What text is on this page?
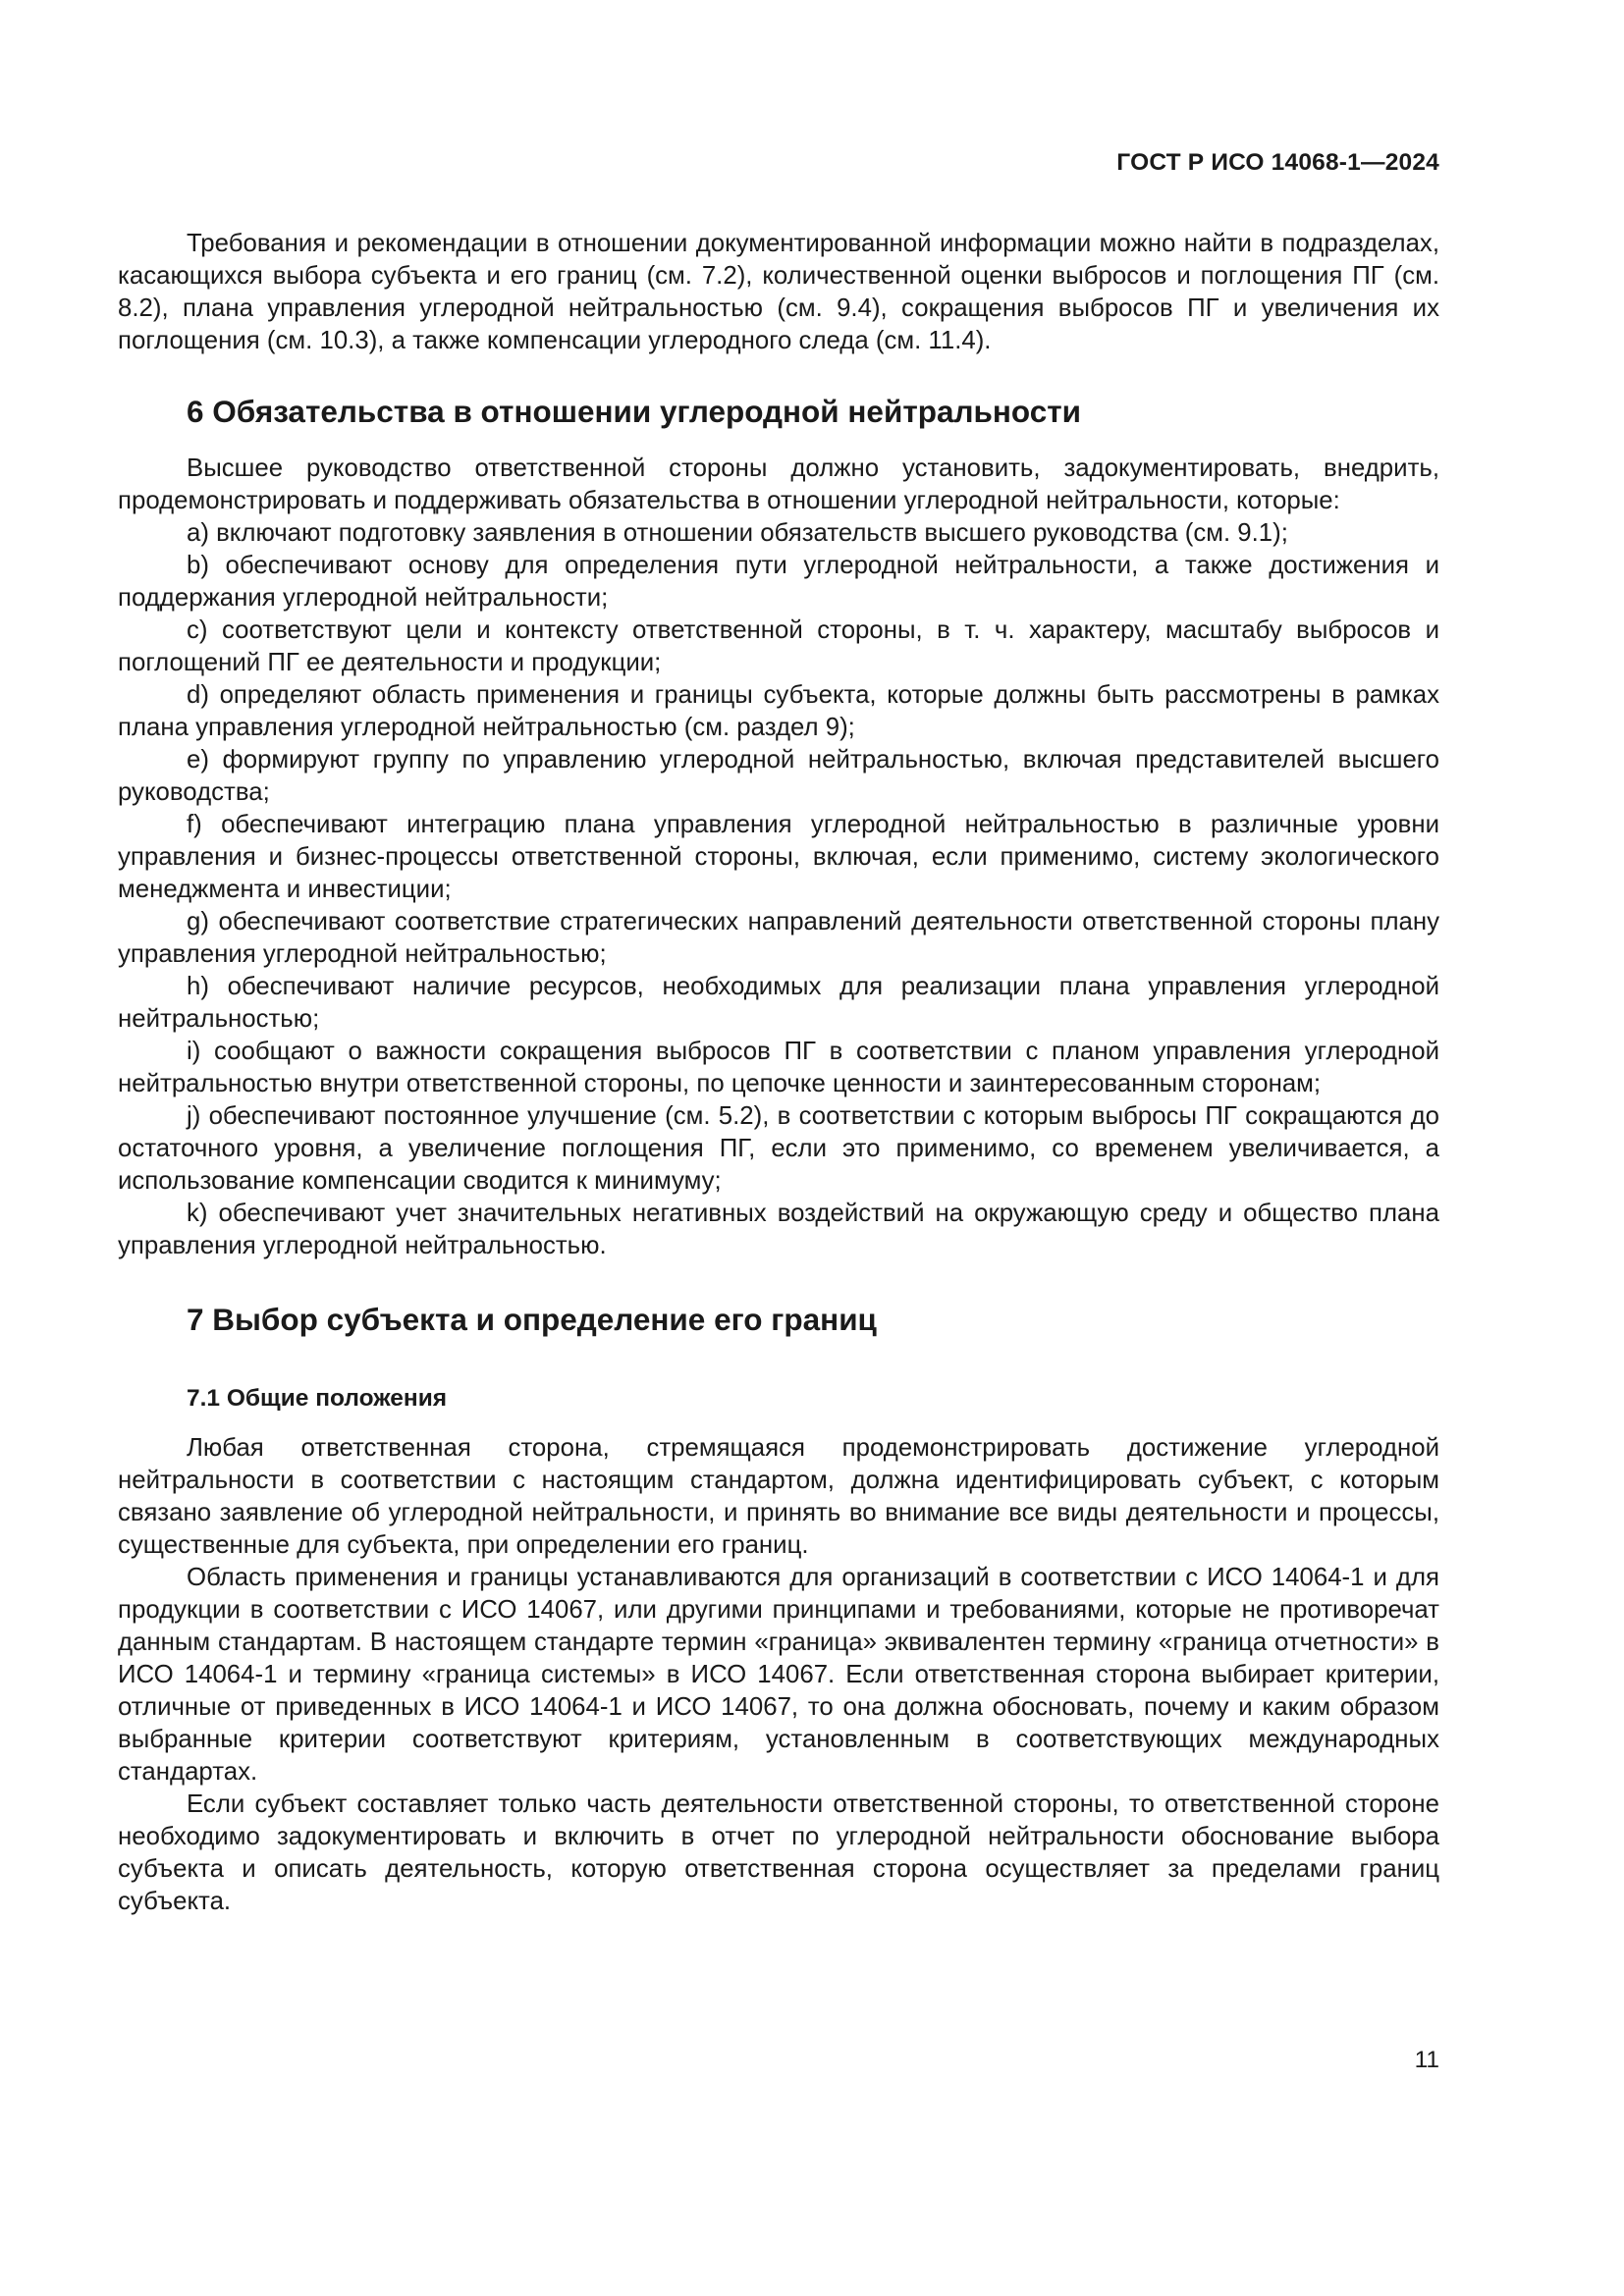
ГОСТ Р ИСО 14068-1—2024

Требования и рекомендации в отношении документированной информации можно найти в подразделах, касающихся выбора субъекта и его границ (см. 7.2), количественной оценки выбросов и поглощения ПГ (см. 8.2), плана управления углеродной нейтральностью (см. 9.4), сокращения выбросов ПГ и увеличения их поглощения (см. 10.3), а также компенсации углеродного следа (см. 11.4).

6 Обязательства в отношении углеродной нейтральности

Высшее руководство ответственной стороны должно установить, задокументировать, внедрить, продемонстрировать и поддерживать обязательства в отношении углеродной нейтральности, которые:

a) включают подготовку заявления в отношении обязательств высшего руководства (см. 9.1);

b) обеспечивают основу для определения пути углеродной нейтральности, а также достижения и поддержания углеродной нейтральности;

c) соответствуют цели и контексту ответственной стороны, в т. ч. характеру, масштабу выбросов и поглощений ПГ ее деятельности и продукции;

d) определяют область применения и границы субъекта, которые должны быть рассмотрены в рамках плана управления углеродной нейтральностью (см. раздел 9);

e) формируют группу по управлению углеродной нейтральностью, включая представителей высшего руководства;

f) обеспечивают интеграцию плана управления углеродной нейтральностью в различные уровни управления и бизнес-процессы ответственной стороны, включая, если применимо, систему экологического менеджмента и инвестиции;

g) обеспечивают соответствие стратегических направлений деятельности ответственной стороны плану управления углеродной нейтральностью;

h) обеспечивают наличие ресурсов, необходимых для реализации плана управления углеродной нейтральностью;

i) сообщают о важности сокращения выбросов ПГ в соответствии с планом управления углеродной нейтральностью внутри ответственной стороны, по цепочке ценности и заинтересованным сторонам;

j) обеспечивают постоянное улучшение (см. 5.2), в соответствии с которым выбросы ПГ сокращаются до остаточного уровня, а увеличение поглощения ПГ, если это применимо, со временем увеличивается, а использование компенсации сводится к минимуму;

k) обеспечивают учет значительных негативных воздействий на окружающую среду и общество плана управления углеродной нейтральностью.

7 Выбор субъекта и определение его границ
7.1 Общие положения

Любая ответственная сторона, стремящаяся продемонстрировать достижение углеродной нейтральности в соответствии с настоящим стандартом, должна идентифицировать субъект, с которым связано заявление об углеродной нейтральности, и принять во внимание все виды деятельности и процессы, существенные для субъекта, при определении его границ.

Область применения и границы устанавливаются для организаций в соответствии с ИСО 14064-1 и для продукции в соответствии с ИСО 14067, или другими принципами и требованиями, которые не противоречат данным стандартам. В настоящем стандарте термин «граница» эквивалентен термину «граница отчетности» в ИСО 14064-1 и термину «граница системы» в ИСО 14067. Если ответственная сторона выбирает критерии, отличные от приведенных в ИСО 14064-1 и ИСО 14067, то она должна обосновать, почему и каким образом выбранные критерии соответствуют критериям, установленным в соответствующих международных стандартах.

Если субъект составляет только часть деятельности ответственной стороны, то ответственной стороне необходимо задокументировать и включить в отчет по углеродной нейтральности обоснование выбора субъекта и описать деятельность, которую ответственная сторона осуществляет за пределами границ субъекта.

11
